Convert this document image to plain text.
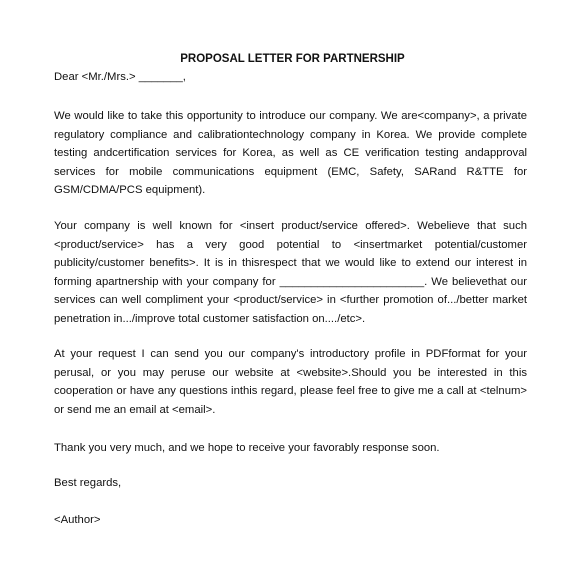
PROPOSAL LETTER FOR PARTNERSHIP
Dear <Mr./Mrs.> _______,
We would like to take this opportunity to introduce our company. We are<company>, a private regulatory compliance and calibrationtechnology company in Korea. We provide complete testing andcertification services for Korea, as well as CE verification testing andapproval services for mobile communications equipment (EMC, Safety, SARand R&TTE for GSM/CDMA/PCS equipment).
Your company is well known for <insert product/service offered>. Webelieve that such <product/service> has a very good potential to <insertmarket potential/customer publicity/customer benefits>. It is in thisrespect that we would like to extend our interest in forming apartnership with your company for _______________________. We believethat our services can well compliment your <product/service> in <further promotion of.../better market penetration in.../improve total customer satisfaction on..../etc>.
At your request I can send you our company's introductory profile in PDFformat for your perusal, or you may peruse our website at <website>.Should you be interested in this cooperation or have any questions inthis regard, please feel free to give me a call at <telnum> or send me an email at <email>.
Thank you very much, and we hope to receive your favorably response soon.
Best regards,
<Author>
